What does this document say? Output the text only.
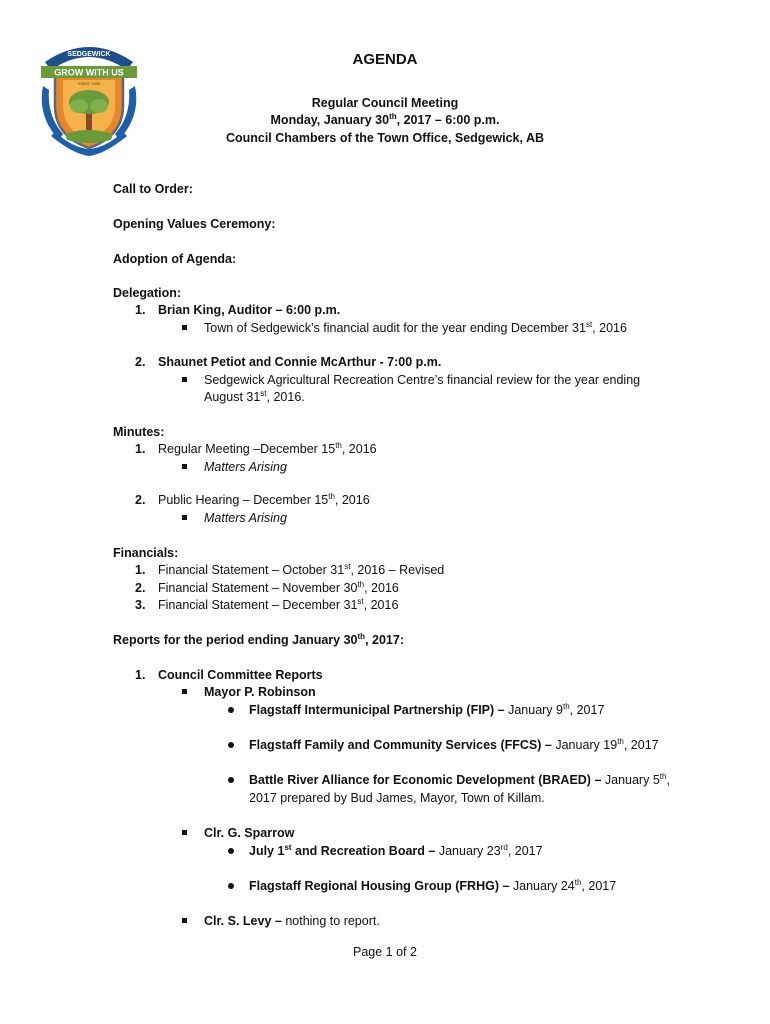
SEDGEWICK
GROW WITH US
SINCE 1906
AGENDA
Regular Council Meeting
Monday, January 30th, 2017 – 6:00 p.m.
Council Chambers of the Town Office, Sedgewick, AB
Call to Order:
Opening Values Ceremony:
Adoption of Agenda:
Delegation:
1. Brian King, Auditor – 6:00 p.m.
Town of Sedgewick’s financial audit for the year ending December 31st, 2016
2. Shaunet Petiot and Connie McArthur - 7:00 p.m.
Sedgewick Agricultural Recreation Centre’s financial review for the year ending
August 31st, 2016.
Minutes:
1. Regular Meeting –December 15th, 2016
Matters Arising
2. Public Hearing – December 15th, 2016
Matters Arising
Financials:
1. Financial Statement – October 31st, 2016 – Revised
2. Financial Statement – November 30th, 2016
3. Financial Statement – December 31st, 2016
Reports for the period ending January 30th, 2017:
1. Council Committee Reports
Mayor P. Robinson
Flagstaff Intermunicipal Partnership (FIP) – January 9th, 2017
Flagstaff Family and Community Services (FFCS) – January 19th, 2017
Battle River Alliance for Economic Development (BRAED) – January 5th,
2017 prepared by Bud James, Mayor, Town of Killam.
Clr. G. Sparrow
July 1st and Recreation Board – January 23rd, 2017
Flagstaff Regional Housing Group (FRHG) – January 24th, 2017
Clr. S. Levy – nothing to report.
Page 1 of 2
